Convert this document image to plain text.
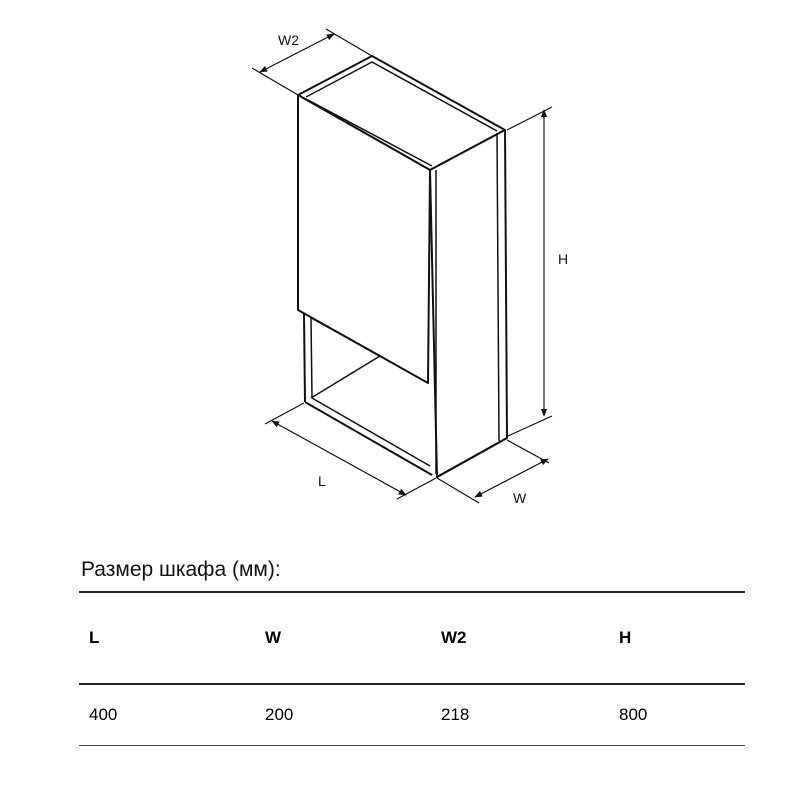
W2
H
L
W
Размер шкафа (мм):
L	W	W2	H
400	200	218	800
